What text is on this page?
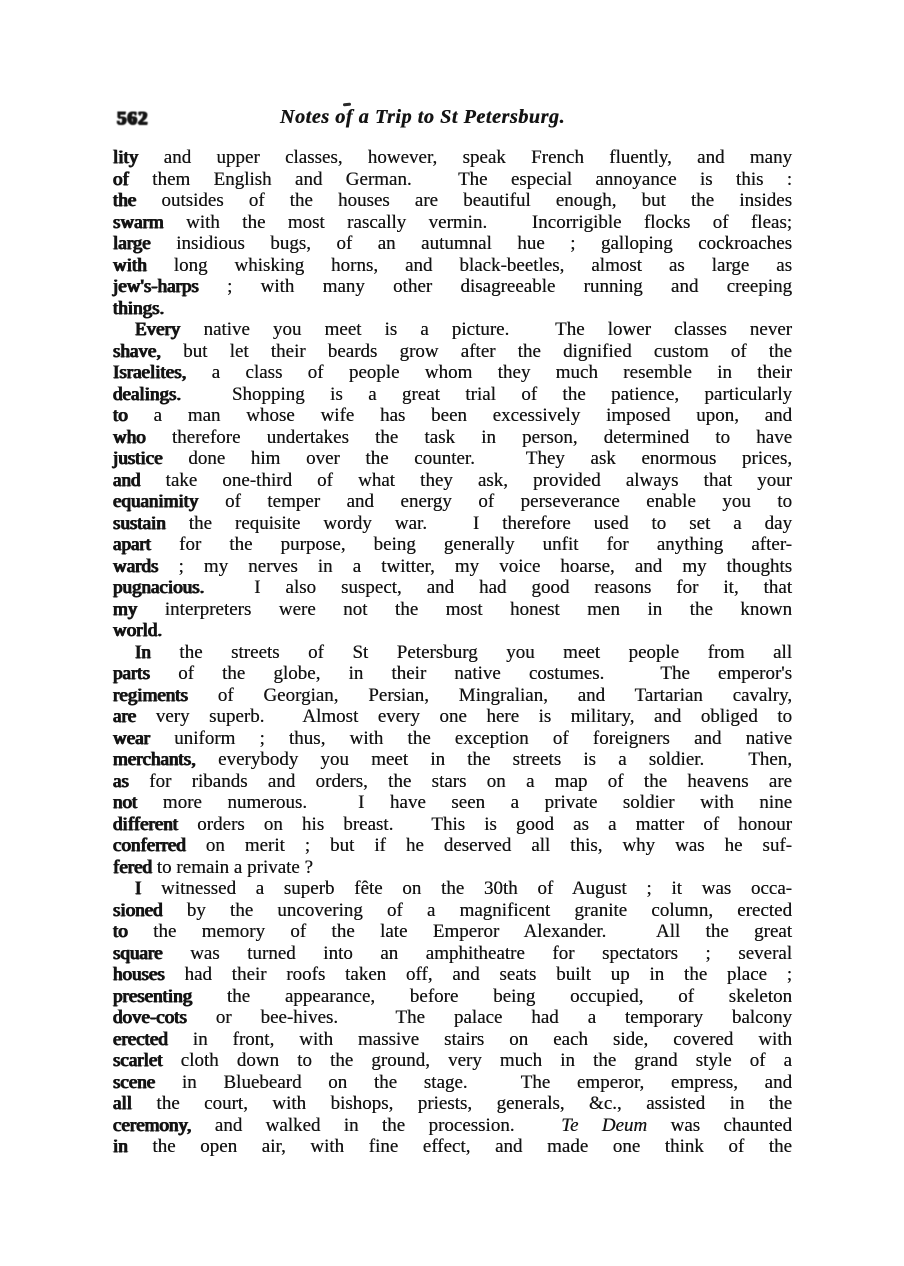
562	Notes of a Trip to St Petersburg.
lity and upper classes, however, speak French fluently, and many
of them English and German.  The especial annoyance is this :
the outsides of the houses are beautiful enough, but the insides
swarm with the most rascally vermin.  Incorrigible flocks of fleas;
large insidious bugs, of an autumnal hue ; galloping cockroaches
with long whisking horns, and black-beetles, almost as large as
jew's-harps ; with many other disagreeable running and creeping
things.
Every native you meet is a picture.  The lower classes never
shave, but let their beards grow after the dignified custom of the
Israelites, a class of people whom they much resemble in their
dealings.  Shopping is a great trial of the patience, particularly
to a man whose wife has been excessively imposed upon, and
who therefore undertakes the task in person, determined to have
justice done him over the counter.  They ask enormous prices,
and take one-third of what they ask, provided always that your
equanimity of temper and energy of perseverance enable you to
sustain the requisite wordy war.  I therefore used to set a day
apart for the purpose, being generally unfit for anything after-
wards ; my nerves in a twitter, my voice hoarse, and my thoughts
pugnacious.  I also suspect, and had good reasons for it, that
my interpreters were not the most honest men in the known
world.
In the streets of St Petersburg you meet people from all
parts of the globe, in their native costumes.  The emperor's
regiments of Georgian, Persian, Mingralian, and Tartarian cavalry,
are very superb.  Almost every one here is military, and obliged to
wear uniform ; thus, with the exception of foreigners and native
merchants, everybody you meet in the streets is a soldier.  Then,
as for ribands and orders, the stars on a map of the heavens are
not more numerous.  I have seen a private soldier with nine
different orders on his breast.  This is good as a matter of honour
conferred on merit ; but if he deserved all this, why was he suf-
fered to remain a private ?
I witnessed a superb fête on the 30th of August ; it was occa-
sioned by the uncovering of a magnificent granite column, erected
to the memory of the late Emperor Alexander.  All the great
square was turned into an amphitheatre for spectators ; several
houses had their roofs taken off, and seats built up in the place ;
presenting the appearance, before being occupied, of skeleton
dove-cots or bee-hives.  The palace had a temporary balcony
erected in front, with massive stairs on each side, covered with
scarlet cloth down to the ground, very much in the grand style of a
scene in Bluebeard on the stage.  The emperor, empress, and
all the court, with bishops, priests, generals, &c., assisted in the
ceremony, and walked in the procession.  Te Deum was chaunted
in the open air, with fine effect, and made one think of the
